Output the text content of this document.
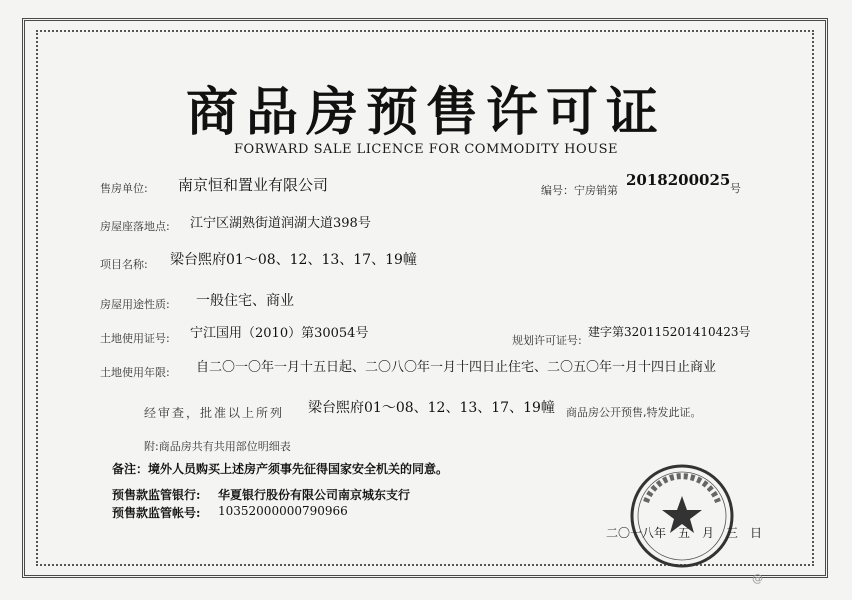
商品房预售许可证
FORWARD SALE LICENCE FOR COMMODITY HOUSE
售房单位: 南京恒和置业有限公司	编号：宁房销第
2018200025 号
房屋座落地点: 江宁区湖熟街道润湖大道398号
项目名称: 梁台煕府01～08、12、13、17、19幢
房屋用途性质: 一般住宅、商业
土地使用证号: 宁江国用（2010）第30054号	规划许可证号:
建字第320115201410423号
土地使用年限: 自二〇一〇年一月十五日起、二〇八〇年一月十四日止住宅、二〇五〇年一月十四日止商业
经审查，批准以上所列 梁台煕府01～08、12、13、17、19幢 商品房公开预售,特发此证。
附:商品房共有共用部位明细表
备注：境外人员购买上述房产须事先征得国家安全机关的同意。
预售款监管银行: 华夏银行股份有限公司南京城东支行
预售款监管帐号: 10352000000790966
二〇一八年　五　月　三　日
@
